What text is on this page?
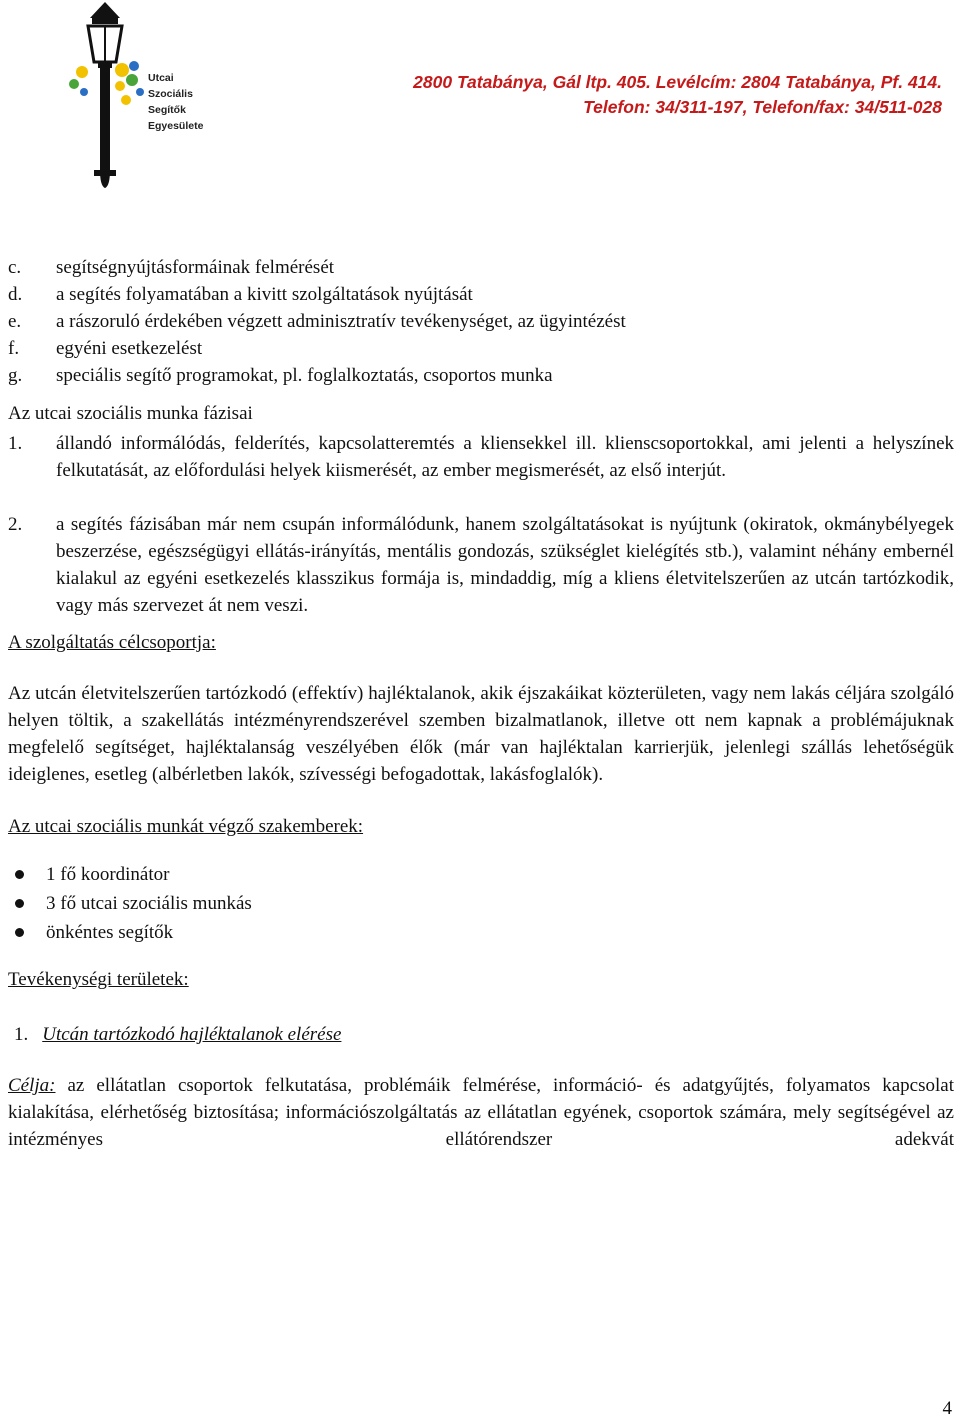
Utcai
Szociális
Segítők
Egyesülete
2800 Tatabánya, Gál ltp. 405. Levélcím: 2804 Tatabánya, Pf. 414.
Telefon: 34/311-197, Telefon/fax: 34/511-028
c. segítségnyújtásformáinak felmérését
d. a segítés folyamatában a kivitt szolgáltatások nyújtását
e. a rászoruló érdekében végzett adminisztratív tevékenységet, az ügyintézést
f. egyéni esetkezelést
g. speciális segítő programokat, pl. foglalkoztatás, csoportos munka
Az utcai szociális munka fázisai
1. állandó informálódás, felderítés, kapcsolatteremtés a kliensekkel ill. klienscsoportokkal, ami jelenti a helyszínek felkutatását, az előfordulási helyek kiismerését, az ember megismerését, az első interjút.
2. a segítés fázisában már nem csupán informálódunk, hanem szolgáltatásokat is nyújtunk (okiratok, okmánybélyegek beszerzése, egészségügyi ellátás-irányítás, mentális gondozás, szükséglet kielégítés stb.), valamint néhány embernél kialakul az egyéni esetkezelés klasszikus formája is, mindaddig, míg a kliens életvitelszerűen az utcán tartózkodik, vagy más szervezet át nem veszi.
A szolgáltatás célcsoportja:
Az utcán életvitelszerűen tartózkodó (effektív) hajléktalanok, akik éjszakáikat közterületen, vagy nem lakás céljára szolgáló helyen töltik, a szakellátás intézményrendszerével szemben bizalmatlanok, illetve ott nem kapnak a problémájuknak megfelelő segítséget, hajléktalanság veszélyében élők (már van hajléktalan karrierjük, jelenlegi szállás lehetőségük ideiglenes, esetleg (albérletben lakók, szívességi befogadottak, lakásfoglalók).
Az utcai szociális munkát végző szakemberek:
1 fő koordinátor
3 fő utcai szociális munkás
önkéntes segítők
Tevékenységi területek:
1. Utcán tartózkodó hajléktalanok elérése
Célja: az ellátatlan csoportok felkutatása, problémáik felmérése, információ- és adatgyűjtés, folyamatos kapcsolat kialakítása, elérhetőség biztosítása; információszolgáltatás az ellátatlan egyének, csoportok számára, mely segítségével az intézményes ellátórendszer adekvát
4
